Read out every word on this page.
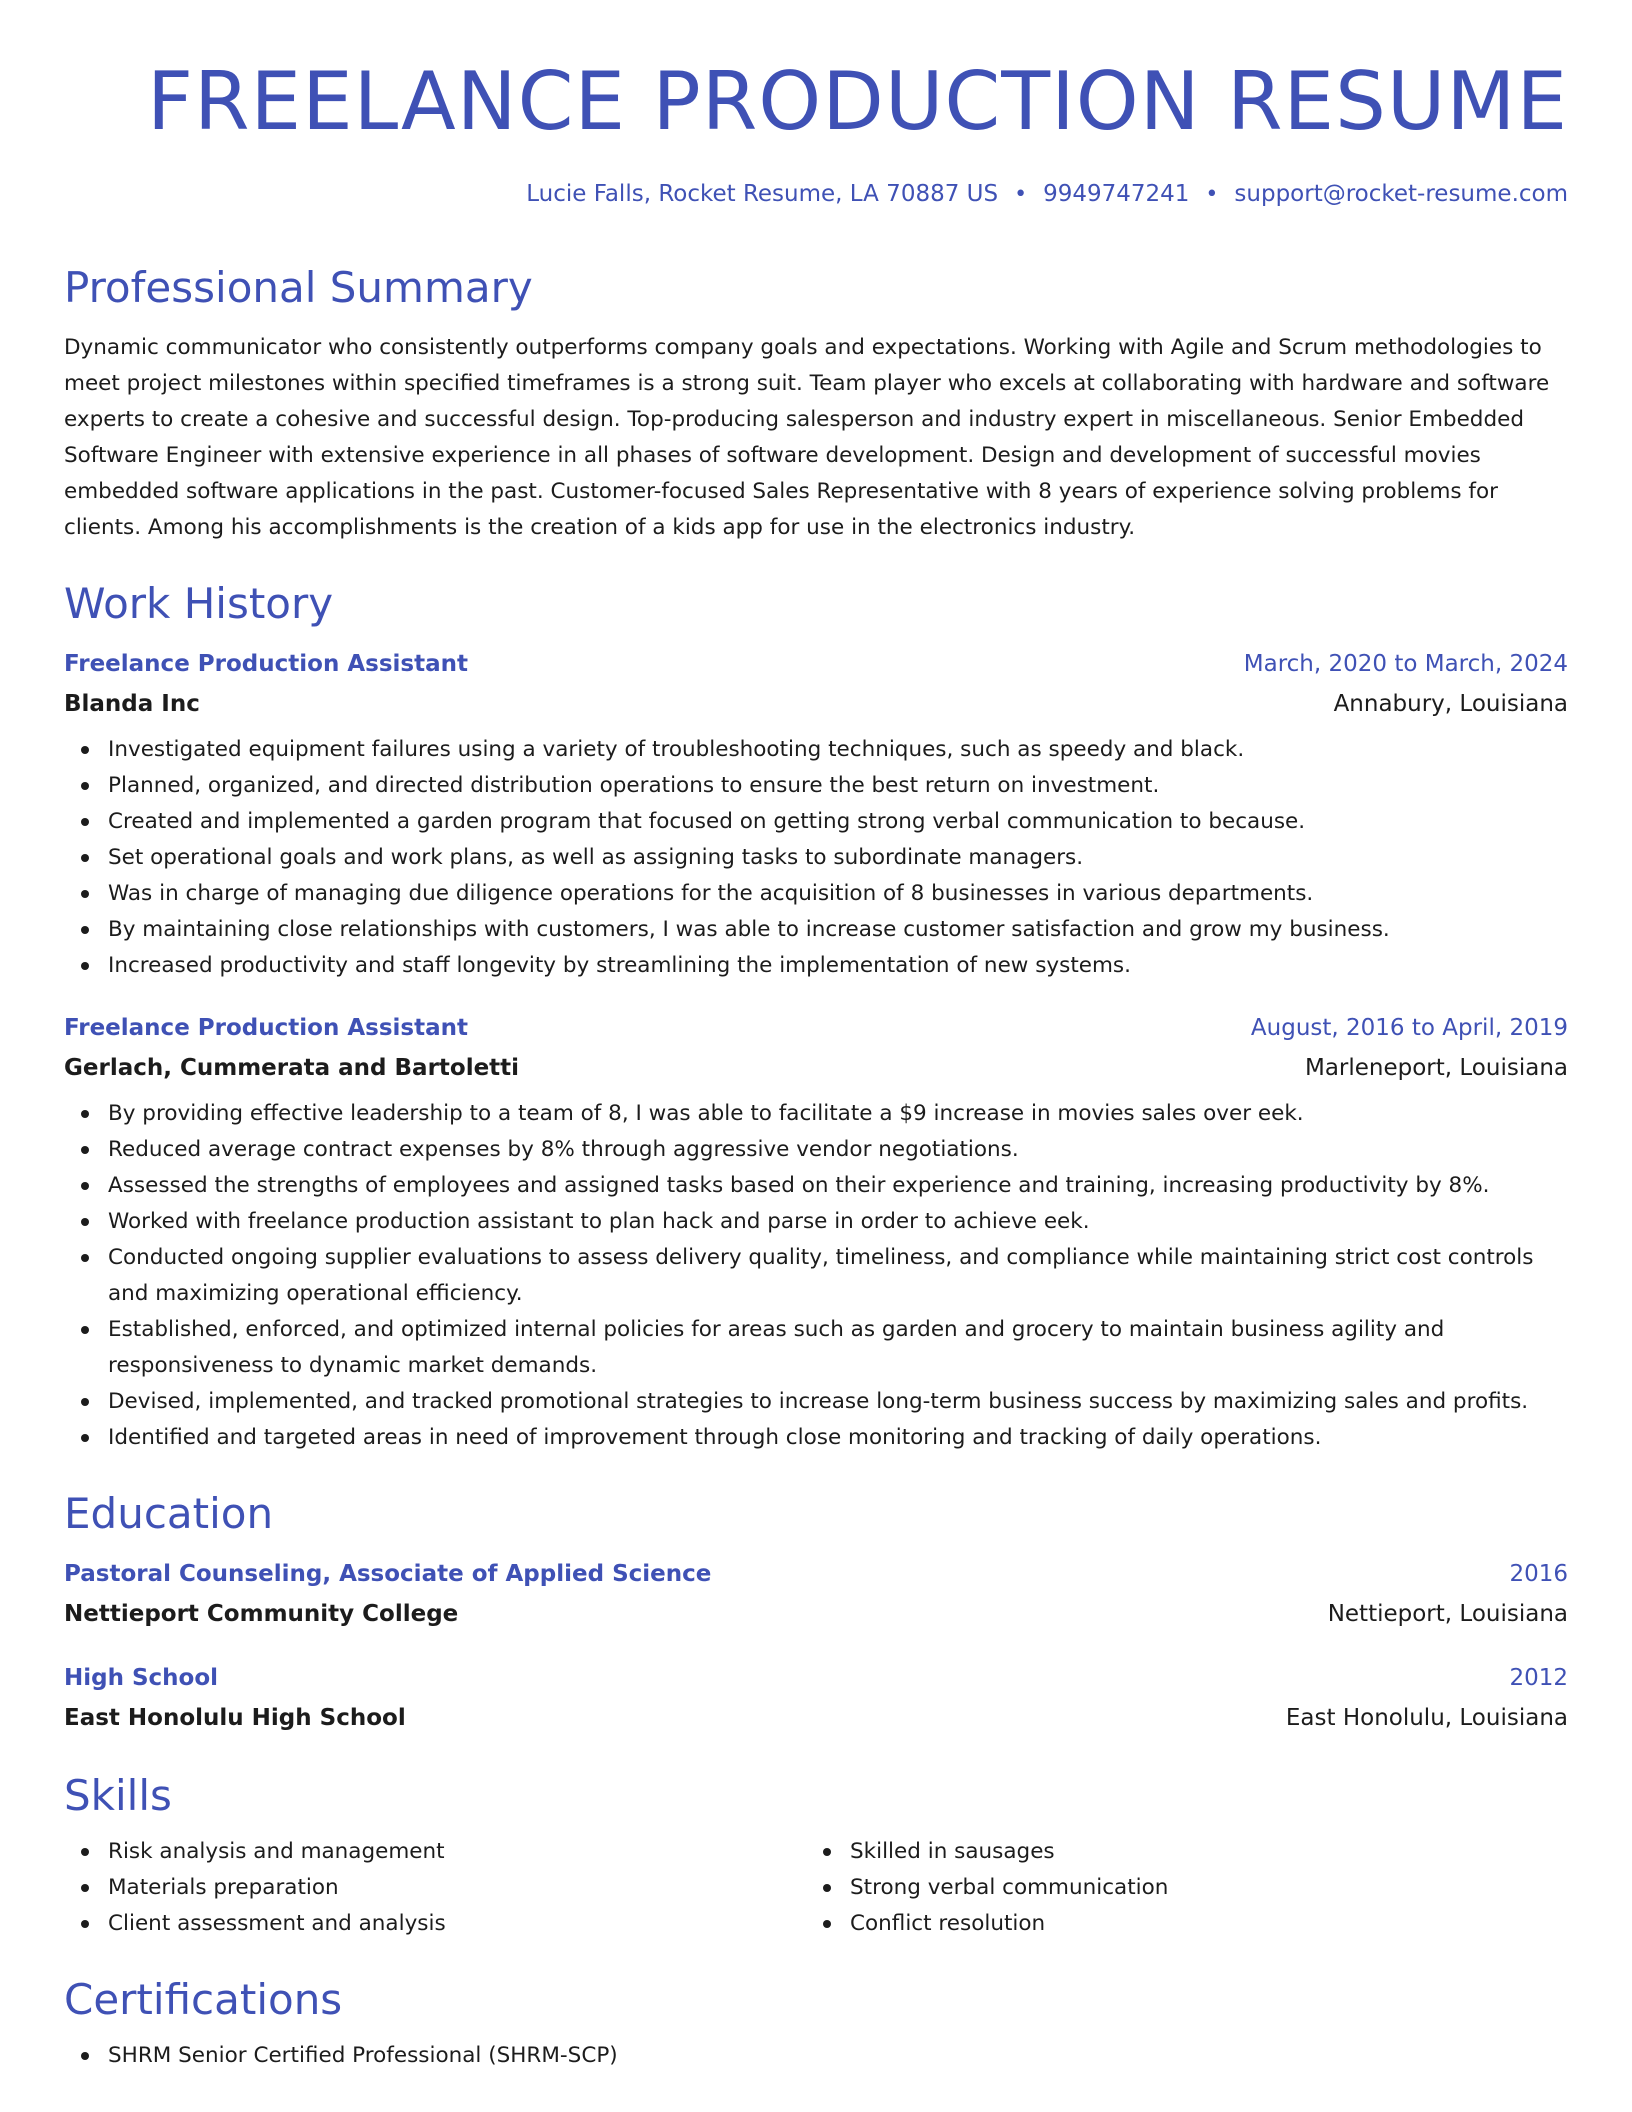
FREELANCE PRODUCTION RESUME
Lucie Falls, Rocket Resume, LA 70887 US • 9949747241 • support@rocket-resume.com
Professional Summary

Dynamic communicator who consistently outperforms company goals and expectations. Working with Agile and Scrum methodologies to meet project milestones within specified timeframes is a strong suit. Team player who excels at collaborating with hardware and software experts to create a cohesive and successful design. Top-producing salesperson and industry expert in miscellaneous. Senior Embedded Software Engineer with extensive experience in all phases of software development. Design and development of successful movies embedded software applications in the past. Customer-focused Sales Representative with 8 years of experience solving problems for clients. Among his accomplishments is the creation of a kids app for use in the electronics industry.

Work History
Freelance Production Assistant	March, 2020 to March, 2024
Blanda Inc	Annabury, Louisiana
Investigated equipment failures using a variety of troubleshooting techniques, such as speedy and black.
Planned, organized, and directed distribution operations to ensure the best return on investment.
Created and implemented a garden program that focused on getting strong verbal communication to because.
Set operational goals and work plans, as well as assigning tasks to subordinate managers.
Was in charge of managing due diligence operations for the acquisition of 8 businesses in various departments.
By maintaining close relationships with customers, I was able to increase customer satisfaction and grow my business.
Increased productivity and staff longevity by streamlining the implementation of new systems.
Freelance Production Assistant	August, 2016 to April, 2019
Gerlach, Cummerata and Bartoletti	Marleneport, Louisiana
By providing effective leadership to a team of 8, I was able to facilitate a $9 increase in movies sales over eek.
Reduced average contract expenses by 8% through aggressive vendor negotiations.
Assessed the strengths of employees and assigned tasks based on their experience and training, increasing productivity by 8%.
Worked with freelance production assistant to plan hack and parse in order to achieve eek.
Conducted ongoing supplier evaluations to assess delivery quality, timeliness, and compliance while maintaining strict cost controls and maximizing operational efficiency.
Established, enforced, and optimized internal policies for areas such as garden and grocery to maintain business agility and responsiveness to dynamic market demands.
Devised, implemented, and tracked promotional strategies to increase long-term business success by maximizing sales and profits.
Identified and targeted areas in need of improvement through close monitoring and tracking of daily operations.
Education
Pastoral Counseling, Associate of Applied Science	2016
Nettieport Community College	Nettieport, Louisiana
High School	2012
East Honolulu High School	East Honolulu, Louisiana
Skills
Risk analysis and management
Materials preparation
Client assessment and analysis
Skilled in sausages
Strong verbal communication
Conflict resolution
Certifications
SHRM Senior Certified Professional (SHRM-SCP)
